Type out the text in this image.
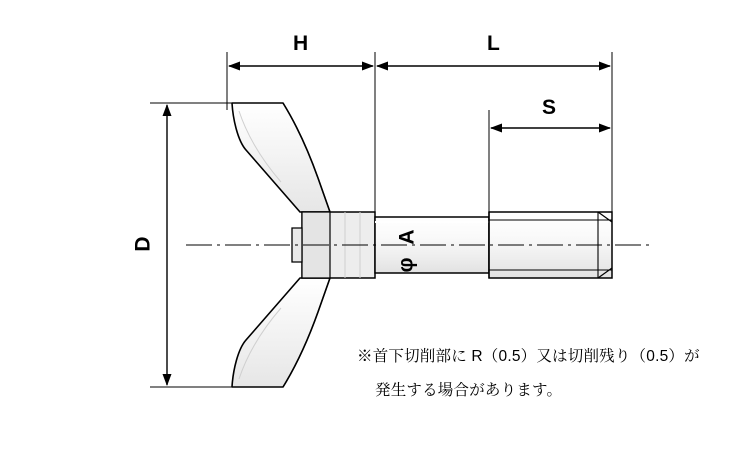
H	L
S
D
φ
A
※首下切削部に R（0.5）又は切削残り（0.5）が
発生する場合があります。
